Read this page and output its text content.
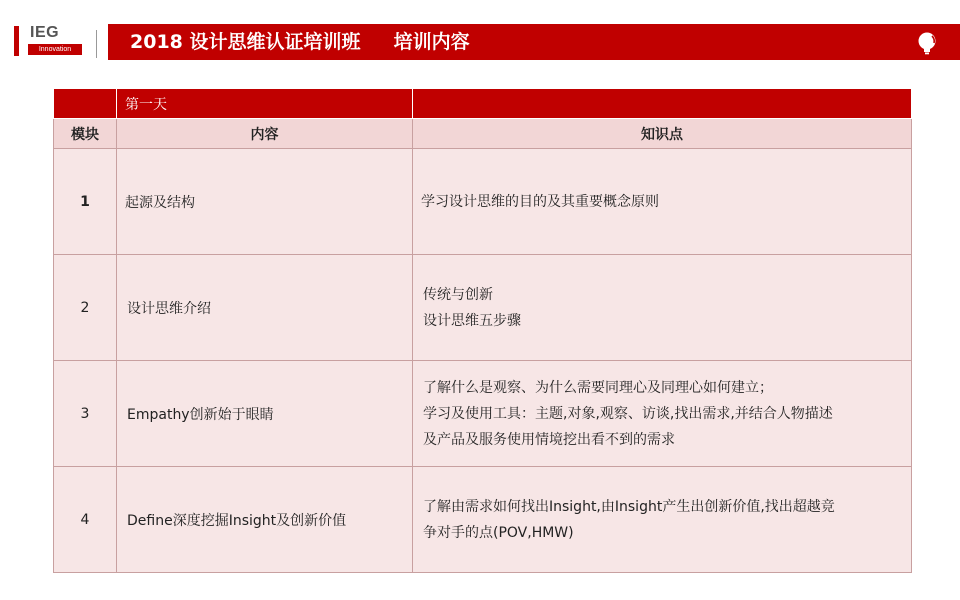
IEG
Innovation	2018 设计思维认证培训班     培训内容
	第一天	
模块	内容	知识点
1	起源及结构	学习设计思维的目的及其重要概念原则

2	设计思维介绍	传统与创新
设计思维五步骤

3	Empathy创新始于眼睛	了解什么是观察、为什么需要同理心及同理心如何建立；
学习及使用工具：主题,对象,观察、访谈,找出需求,并结合人物描述
及产品及服务使用情境挖出看不到的需求

4	Define深度挖掘Insight及创新价值	了解由需求如何找出Insight,由Insight产生出创新价值,找出超越竞
争对手的点(POV,HMW)
